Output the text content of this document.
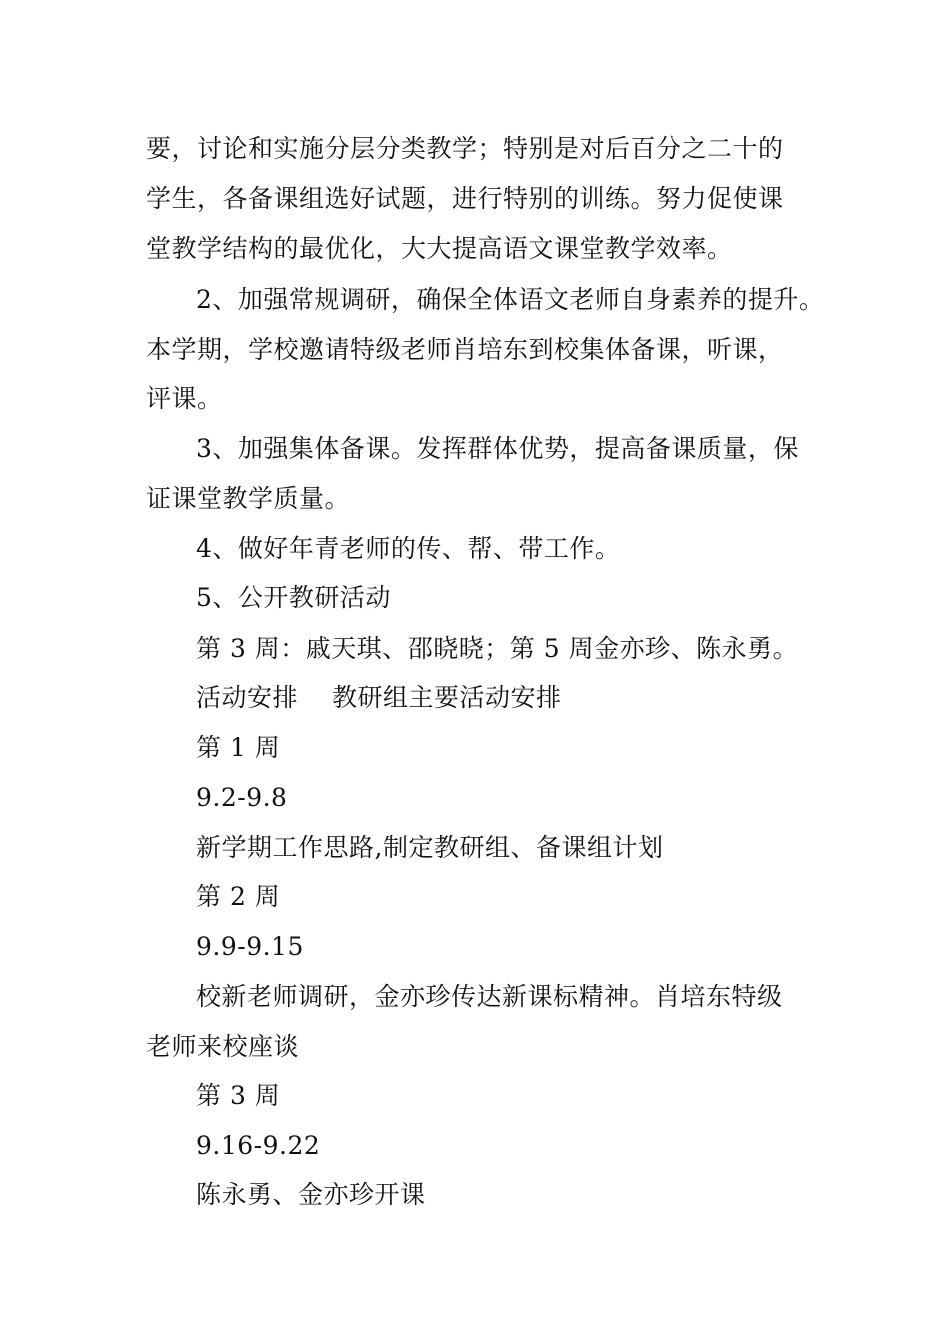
要，讨论和实施分层分类教学；特别是对后百分之二十的
学生，各备课组选好试题，进行特别的训练。努力促使课
堂教学结构的最优化，大大提高语文课堂教学效率。
2、加强常规调研，确保全体语文老师自身素养的提升。
本学期，学校邀请特级老师肖培东到校集体备课，听课，
评课。
3、加强集体备课。发挥群体优势，提高备课质量，保
证课堂教学质量。
4、做好年青老师的传、帮、带工作。
5、公开教研活动
第 3 周：戚天琪、邵晓晓；第 5 周金亦珍、陈永勇。
活动安排　 教研组主要活动安排
第 1 周
9.2-9.8
新学期工作思路,制定教研组、备课组计划
第 2 周
9.9-9.15
校新老师调研，金亦珍传达新课标精神。肖培东特级
老师来校座谈
第 3 周
9.16-9.22
陈永勇、金亦珍开课
